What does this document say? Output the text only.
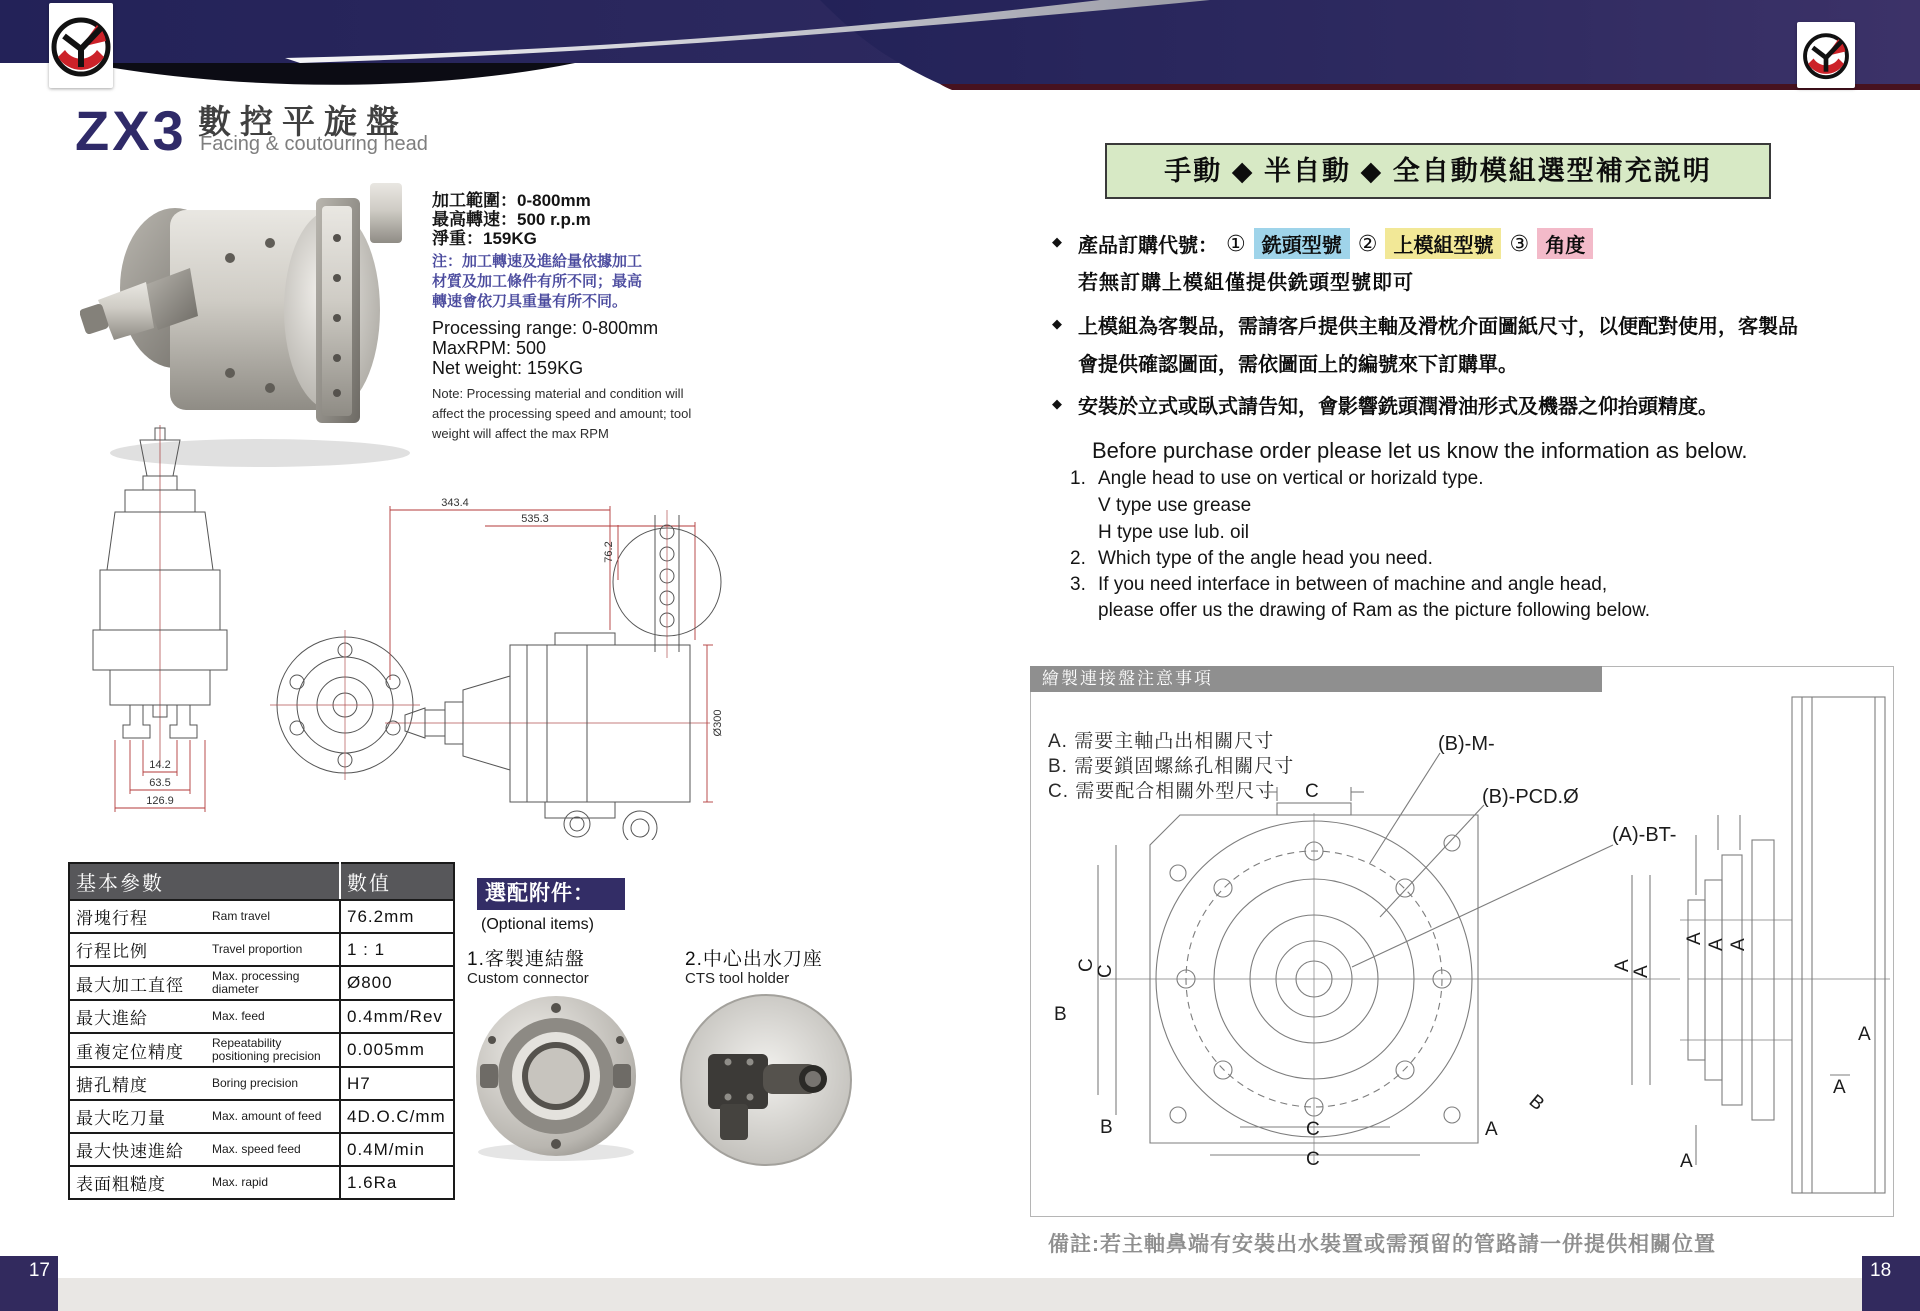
ZX3 數控平旋盤
Facing & coutouring head
加工範圍：0-800mm
最高轉速：500 r.p.m
淨重：159KG
注：加工轉速及進給量依據加工
材質及加工條件有所不同；最高
轉速會依刀具重量有所不同。
Processing range: 0-800mm
MaxRPM: 500
Net weight: 159KG
Note: Processing material and condition will
affect the processing speed and amount; tool
weight will affect the max RPM
14.2
63.5
126.9
343.4
535.3
Ø300
76.2
基本參數	數值

滑塊行程 Ram travel	76.2mm

行程比例 Travel proportion	1 : 1

最大加工直徑 Max. processing diameter	Ø800

最大進給 Max. feed	0.4mm/Rev

重複定位精度 Repeatability positioning precision	0.005mm

搪孔精度 Boring precision	H7

最大吃刀量 Max. amount of feed	4D.O.C/mm

最大快速進給 Max. speed feed	0.4M/min

表面粗糙度 Max. rapid	1.6Ra
選配附件：
(Optional items)
1.客製連結盤
Custom connector
2.中心出水刀座
CTS tool holder
手動 ◆ 半自動 ◆ 全自動模組選型補充説明
◆ 產品訂購代號： ① 銑頭型號 ② 上模組型號 ③ 角度
若無訂購上模組僅提供銑頭型號即可
◆ 上模組為客製品，需請客戶提供主軸及滑枕介面圖紙尺寸，以便配對使用，客製品
會提供確認圖面，需依圖面上的編號來下訂購單。
◆ 安裝於立式或臥式請告知，會影響銑頭潤滑油形式及機器之仰抬頭精度。
Before purchase order please let us know the information as below.
1. Angle head to use on vertical or horizald type.
V type use grease
H type use lub. oil
2. Which type of the angle head you need.
3. If you need interface in between of machine and angle head,
please offer us the drawing of Ram as the picture following below.
繪製連接盤注意事項
A. 需要主軸凸出相關尺寸
B. 需要鎖固螺絲孔相關尺寸
C. 需要配合相關外型尺寸 C
(B)-M-
(B)-PCD.Ø
(A)-BT-
C
C
B
B	C
C
A
B
A
A
A A A
A
A
A
備註:若主軸鼻端有安裝出水裝置或需預留的管路請一併提供相關位置
17	18
